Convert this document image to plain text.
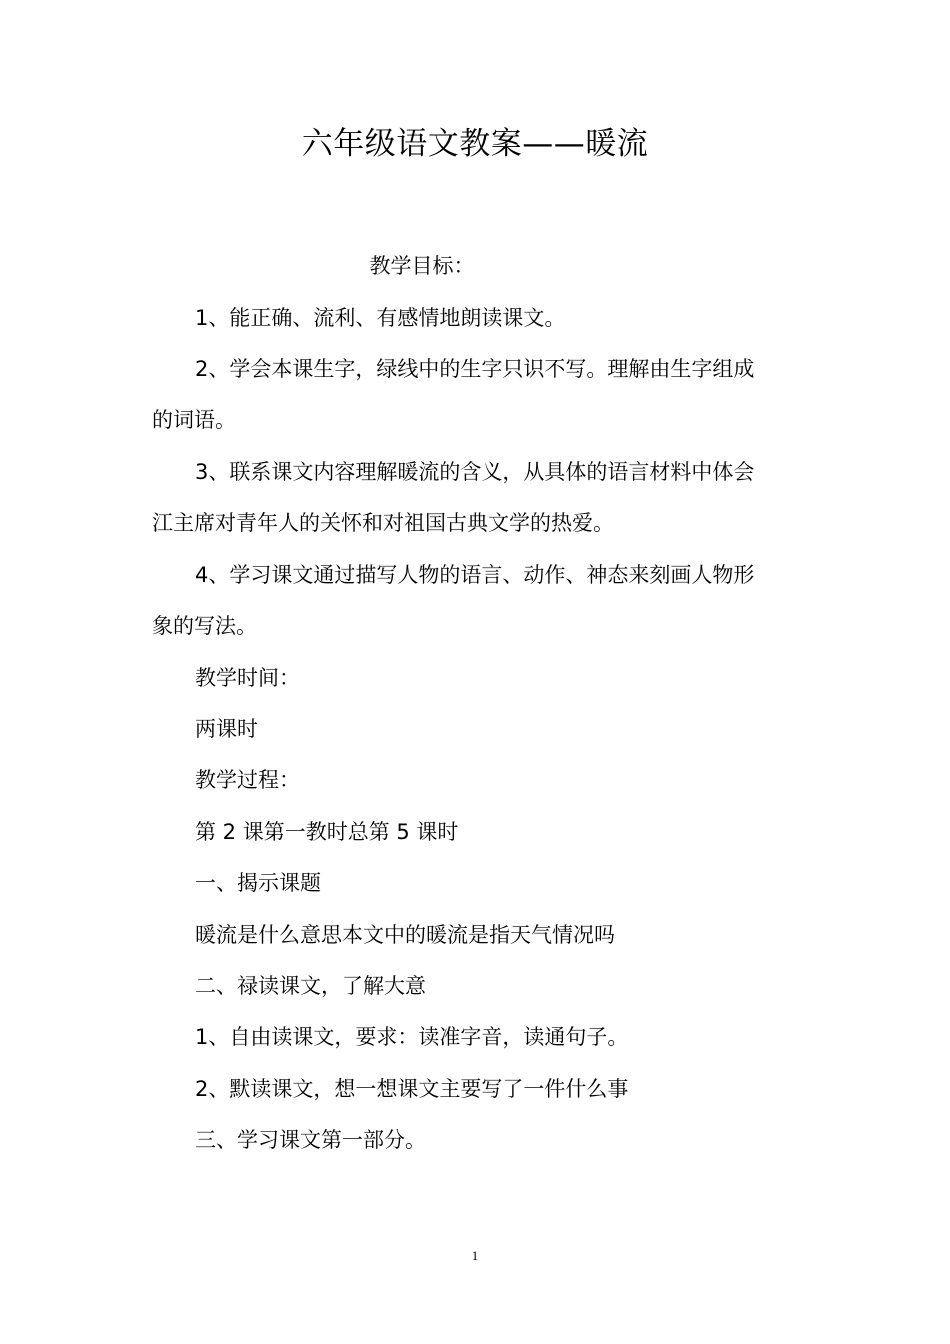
六年级语文教案——暖流
教学目标：
1、能正确、流利、有感情地朗读课文。
2、学会本课生字，绿线中的生字只识不写。理解由生字组成
的词语。
3、联系课文内容理解暖流的含义，从具体的语言材料中体会
江主席对青年人的关怀和对祖国古典文学的热爱。
4、学习课文通过描写人物的语言、动作、神态来刻画人物形
象的写法。
教学时间：
两课时
教学过程：
第 2 课第一教时总第 5 课时
一、揭示课题
暖流是什么意思本文中的暖流是指天气情况吗
二、禄读课文，了解大意
1、自由读课文，要求：读准字音，读通句子。
2、默读课文，想一想课文主要写了一件什么事
三、学习课文第一部分。
1
